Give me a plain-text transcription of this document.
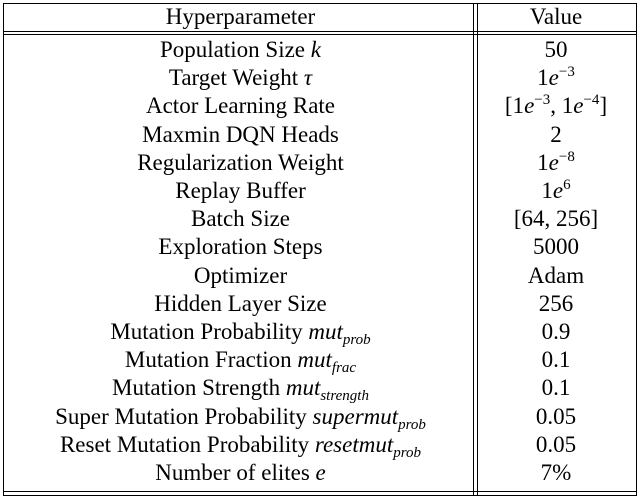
Hyperparameter	Value
Population Size k	50
Target Weight τ	$1e^{-3}$
Actor Learning Rate	[$1e^{-3}$, $1e^{-4}$]
Maxmin DQN Heads	2
Regularization Weight	$1e^{-8}$
Replay Buffer	$1e^6$
Batch Size	[64, 256]
Exploration Steps	5000
Optimizer	Adam
Hidden Layer Size	256
Mutation Probability mut$_{prob}$	0.9
Mutation Fraction mut$_{frac}$	0.1
Mutation Strength mut$_{strength}$	0.1
Super Mutation Probability supermut$_{prob}$	0.05
Reset Mutation Probability resetmut$_{prob}$	0.05
Number of elites e	7%
